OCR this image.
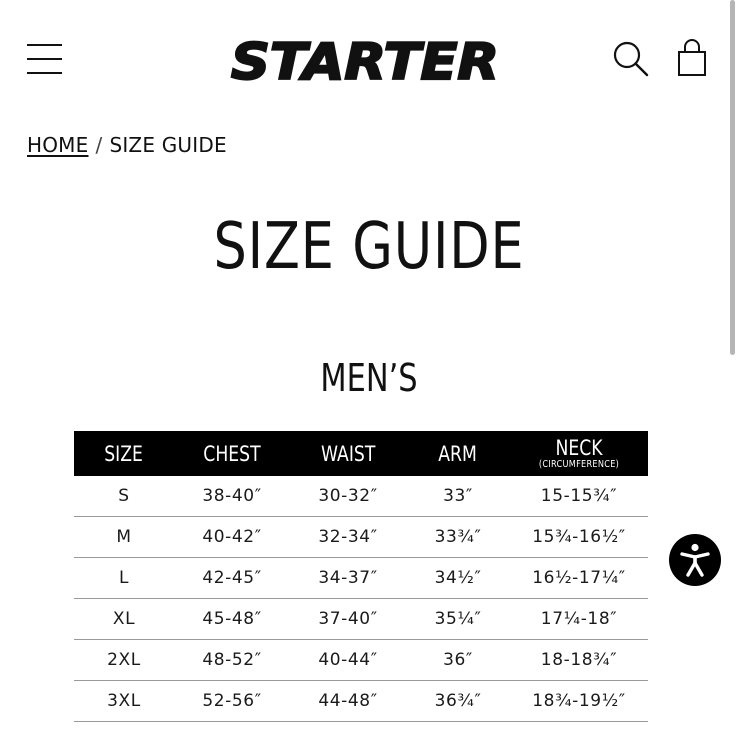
STARTER
HOME / SIZE GUIDE
SIZE GUIDE
MEN’S
SIZE	CHEST	WAIST	ARM	NECK
(CIRCUMFERENCE)

S	38-40″	30-32″	33″	15-15¾″
M	40-42″	32-34″	33¾″	15¾-16½″
L	42-45″	34-37″	34½″	16½-17¼″
XL	45-48″	37-40″	35¼″	17¼-18″
2XL	48-52″	40-44″	36″	18-18¾″
3XL	52-56″	44-48″	36¾″	18¾-19½″
